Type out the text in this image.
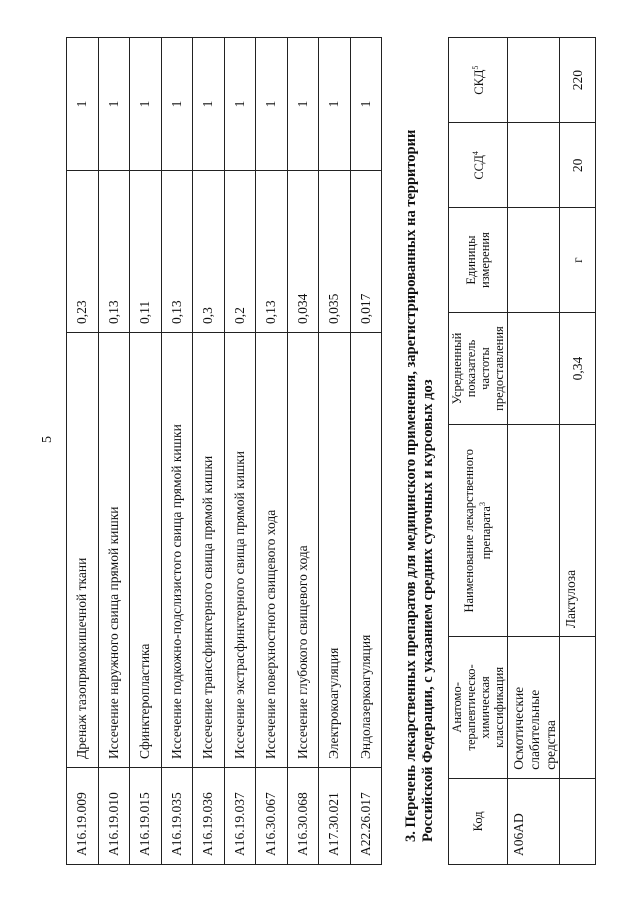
5
A16.19.009	Дренаж тазопрямокишечной ткани	0,23	1
A16.19.010	Иссечение наружного свища прямой кишки	0,13	1
A16.19.015	Сфинктеропластика	0,11	1
A16.19.035	Иссечение подкожно-подслизистого свища прямой кишки	0,13	1
A16.19.036	Иссечение транссфинктерного свища прямой кишки	0,3	1
A16.19.037	Иссечение экстрасфинктерного свища прямой кишки	0,2	1
A16.30.067	Иссечение поверхностного свищевого хода	0,13	1
A16.30.068	Иссечение глубокого свищевого хода	0,034	1
A17.30.021	Электрокоагуляция	0,035	1
A22.26.017	Эндолазеркоагуляция	0,017	1
3. Перечень лекарственных препаратов для медицинского применения, зарегистрированных на территории Российской Федерации, с указанием средних суточных и курсовых доз	Код	Анатомо-терапевтическо-химическая классификация	Наименование лекарственного препарата$^3$	Усредненный показатель частоты предоставления	Единицы измерения	ССД$^4$	СКД$^5$
A06AD	Осмотические слабительные средства					
		Лактулоза	0,34	г	20	220
